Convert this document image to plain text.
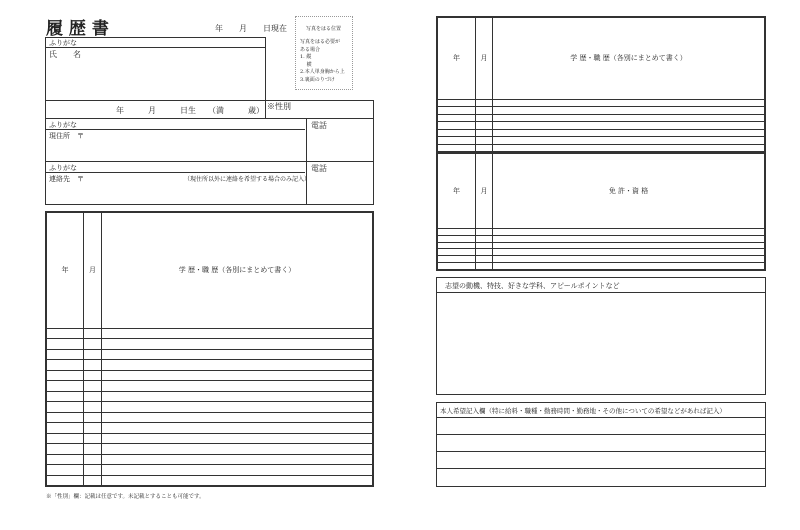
履 歴 書	年　　月　　日現在	写真をはる位置
写真をはる必要が
ある場合
1. 縦
　 横
2.本人単身胸から上
3.裏面のりづけ
ふりがな
氏　　名
年　　　月　　　日生　　（満　　　歳） ※性別
ふりがな
現住所　〒
電話
ふりがな
連絡先　〒	（現住所以外に連絡を希望する場合のみ記入）
電話
年	月	学 歴・職 歴（各別にまとめて書く）

年	月	学 歴・職 歴（各別にまとめて書く）

年	月	免 許・資 格

志望の動機、特技、好きな学科、アピールポイントなど
本人希望記入欄（特に給料・職種・勤務時間・勤務地・その他についての希望などがあれば記入）
※「性別」欄：記載は任意です。未記載とすることも可能です。
